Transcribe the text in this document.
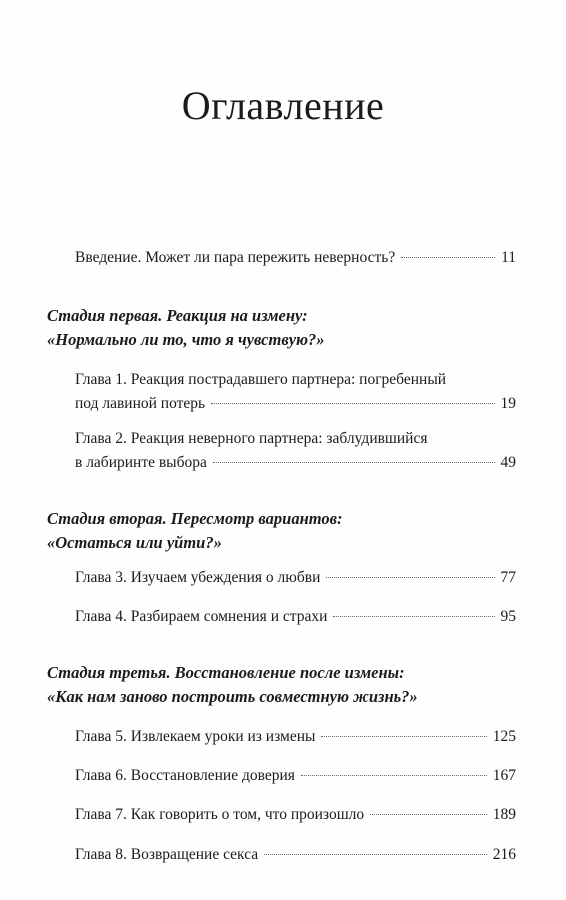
Оглавление
Введение. Может ли пара пережить неверность?	11
Стадия первая. Реакция на измену:
«Нормально ли то, что я чувствую?»
Глава 1. Реакция пострадавшего партнера: погребенный
под лавиной потерь	19
Глава 2. Реакция неверного партнера: заблудившийся
в лабиринте выбора	49
Стадия вторая. Пересмотр вариантов:
«Остаться или уйти?»
Глава 3. Изучаем убеждения о любви	77
Глава 4. Разбираем сомнения и страхи	95
Стадия третья. Восстановление после измены:
«Как нам заново построить совместную жизнь?»
Глава 5. Извлекаем уроки из измены	125
Глава 6. Восстановление доверия	167
Глава 7. Как говорить о том, что произошло	189
Глава 8. Возвращение секса	216
